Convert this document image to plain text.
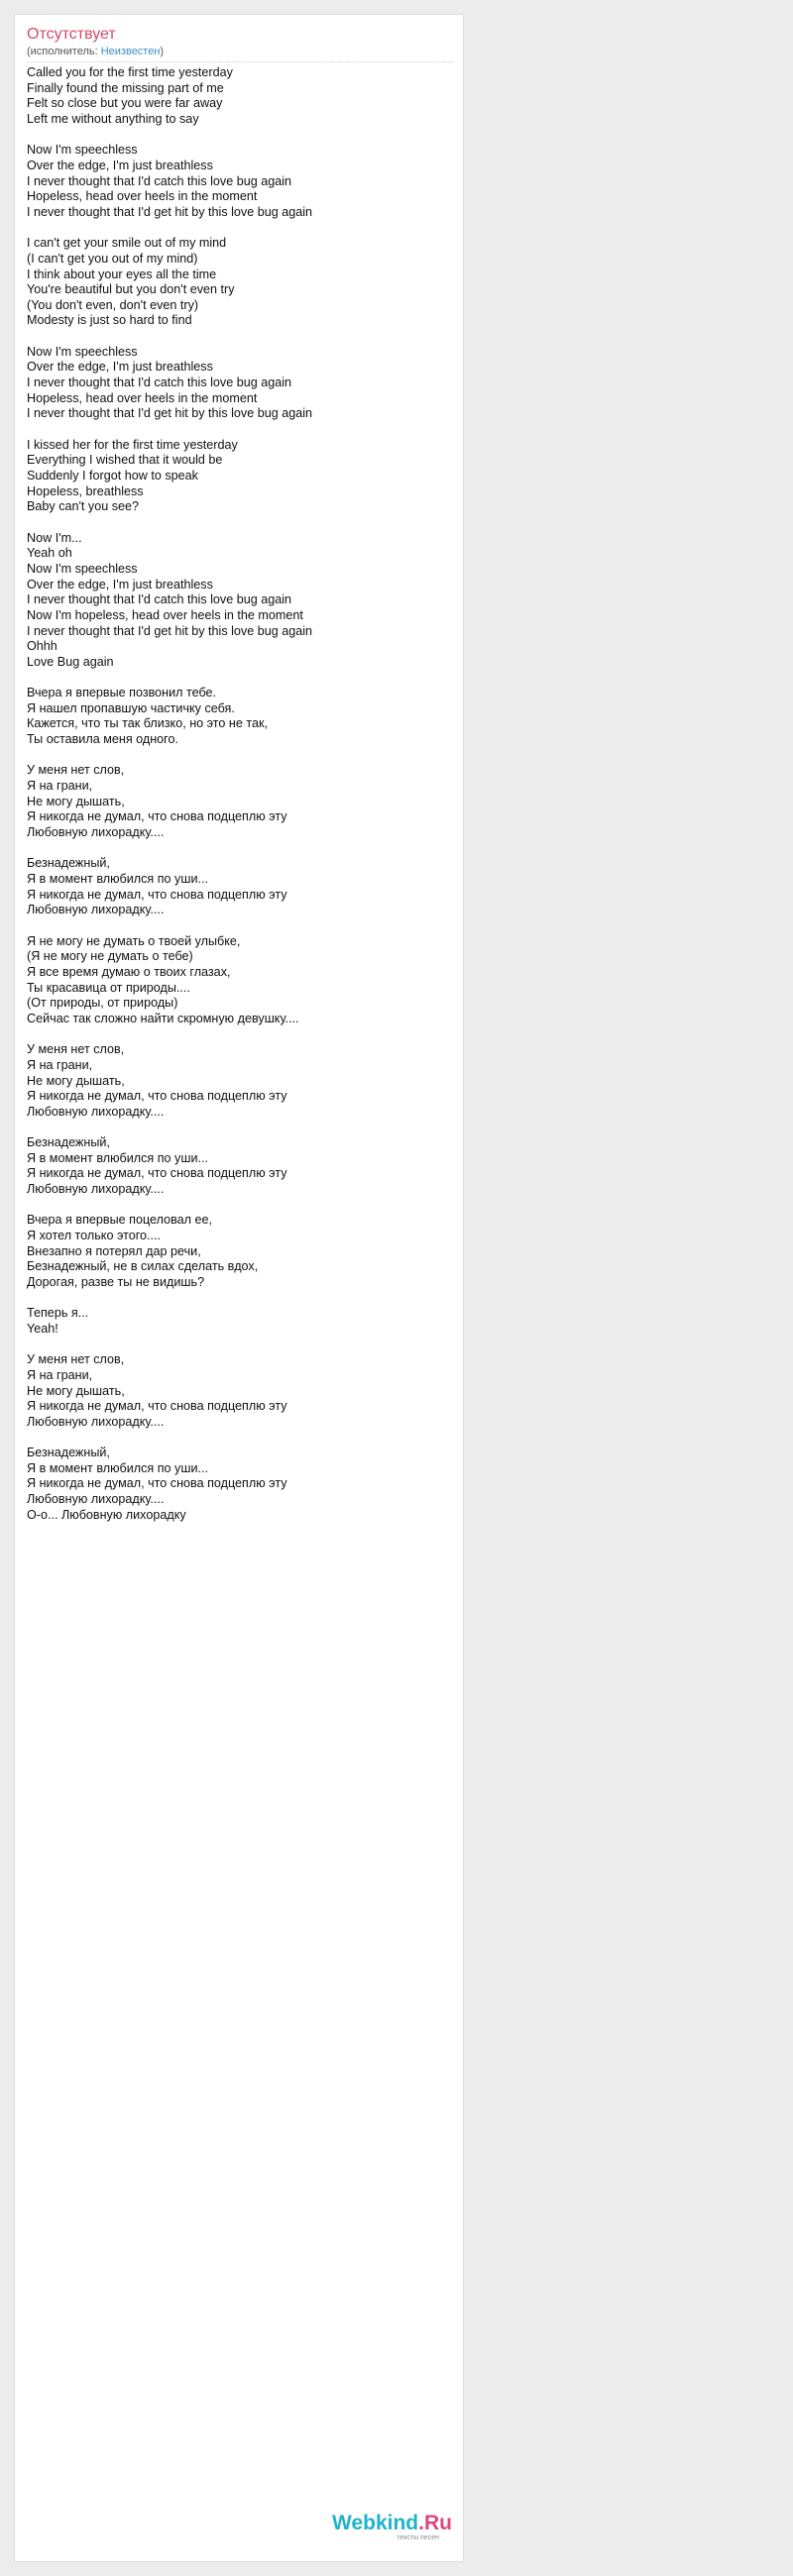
Отсутствует
(исполнитель: Неизвестен)
Called you for the first time yesterday
Finally found the missing part of me
Felt so close but you were far away
Left me without anything to say
Now I'm speechless
Over the edge, I'm just breathless
I never thought that I'd catch this love bug again
Hopeless, head over heels in the moment
I never thought that I'd get hit by this love bug again
I can't get your smile out of my mind
(I can't get you out of my mind)
I think about your eyes all the time
You're beautiful but you don't even try
(You don't even, don't even try)
Modesty is just so hard to find
Now I'm speechless
Over the edge, I'm just breathless
I never thought that I'd catch this love bug again
Hopeless, head over heels in the moment
I never thought that I'd get hit by this love bug again
I kissed her for the first time yesterday
Everything I wished that it would be
Suddenly I forgot how to speak
Hopeless, breathless
Baby can't you see?
Now I'm...
Yeah oh
Now I'm speechless
Over the edge, I'm just breathless
I never thought that I'd catch this love bug again
Now I'm hopeless, head over heels in the moment
I never thought that I'd get hit by this love bug again
Ohhh
Love Bug again
Вчера я впервые позвонил тебе.
Я нашел пропавшую частичку себя.
Кажется, что ты так близко, но это не так,
Ты оставила меня одного.
У меня нет слов,
Я на грани,
Не могу дышать,
Я никогда не думал, что снова подцеплю эту
Любовную лихорадку....
Безнадежный,
Я в момент влюбился по уши...
Я никогда не думал, что снова подцеплю эту
Любовную лихорадку....
Я не могу не думать о твоей улыбке,
(Я не могу не думать о тебе)
Я все время думаю о твоих глазах,
Ты красавица от природы....
(От природы, от природы)
Сейчас так сложно найти скромную девушку....
У меня нет слов,
Я на грани,
Не могу дышать,
Я никогда не думал, что снова подцеплю эту
Любовную лихорадку....
Безнадежный,
Я в момент влюбился по уши...
Я никогда не думал, что снова подцеплю эту
Любовную лихорадку....
Вчера я впервые поцеловал ее,
Я хотел только этого....
Внезапно я потерял дар речи,
Безнадежный, не в силах сделать вдох,
Дорогая, разве ты не видишь?
Теперь я...
Yeah!
У меня нет слов,
Я на грани,
Не могу дышать,
Я никогда не думал, что снова подцеплю эту
Любовную лихорадку....
Безнадежный,
Я в момент влюбился по уши...
Я никогда не думал, что снова подцеплю эту
Любовную лихорадку....
О-о... Любовную лихорадку
Webkind.Ru
тексты песен
